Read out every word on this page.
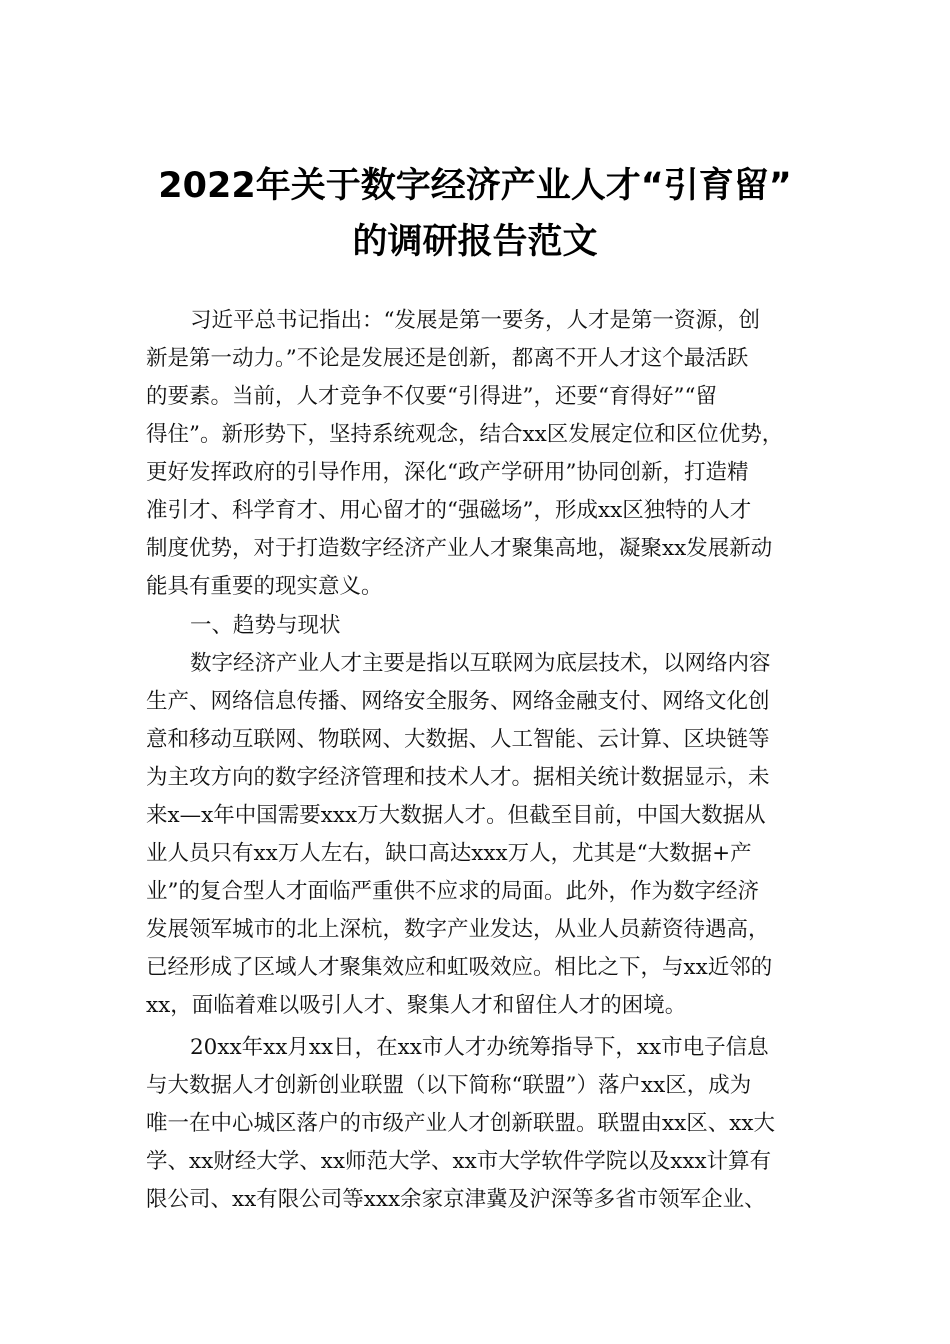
2022年关于数字经济产业人才“引育留”
的调研报告范文
习近平总书记指出：“发展是第一要务，人才是第一资源，创
新是第一动力。”不论是发展还是创新，都离不开人才这个最活跃
的要素。当前，人才竞争不仅要“引得进”，还要“育得好”“留
得住”。新形势下，坚持系统观念，结合xx区发展定位和区位优势，
更好发挥政府的引导作用，深化“政产学研用”协同创新，打造精
准引才、科学育才、用心留才的“强磁场”，形成xx区独特的人才
制度优势，对于打造数字经济产业人才聚集高地，凝聚xx发展新动
能具有重要的现实意义。
一、趋势与现状
数字经济产业人才主要是指以互联网为底层技术，以网络内容
生产、网络信息传播、网络安全服务、网络金融支付、网络文化创
意和移动互联网、物联网、大数据、人工智能、云计算、区块链等
为主攻方向的数字经济管理和技术人才。据相关统计数据显示，未
来x—x年中国需要xxx万大数据人才。但截至目前，中国大数据从
业人员只有xx万人左右，缺口高达xxx万人，尤其是“大数据+产
业”的复合型人才面临严重供不应求的局面。此外，作为数字经济
发展领军城市的北上深杭，数字产业发达，从业人员薪资待遇高，
已经形成了区域人才聚集效应和虹吸效应。相比之下，与xx近邻的
xx，面临着难以吸引人才、聚集人才和留住人才的困境。
20xx年xx月xx日，在xx市人才办统筹指导下，xx市电子信息
与大数据人才创新创业联盟（以下简称“联盟”）落户xx区，成为
唯一在中心城区落户的市级产业人才创新联盟。联盟由xx区、xx大
学、xx财经大学、xx师范大学、xx市大学软件学院以及xxx计算有
限公司、xx有限公司等xxx余家京津冀及沪深等多省市领军企业、
